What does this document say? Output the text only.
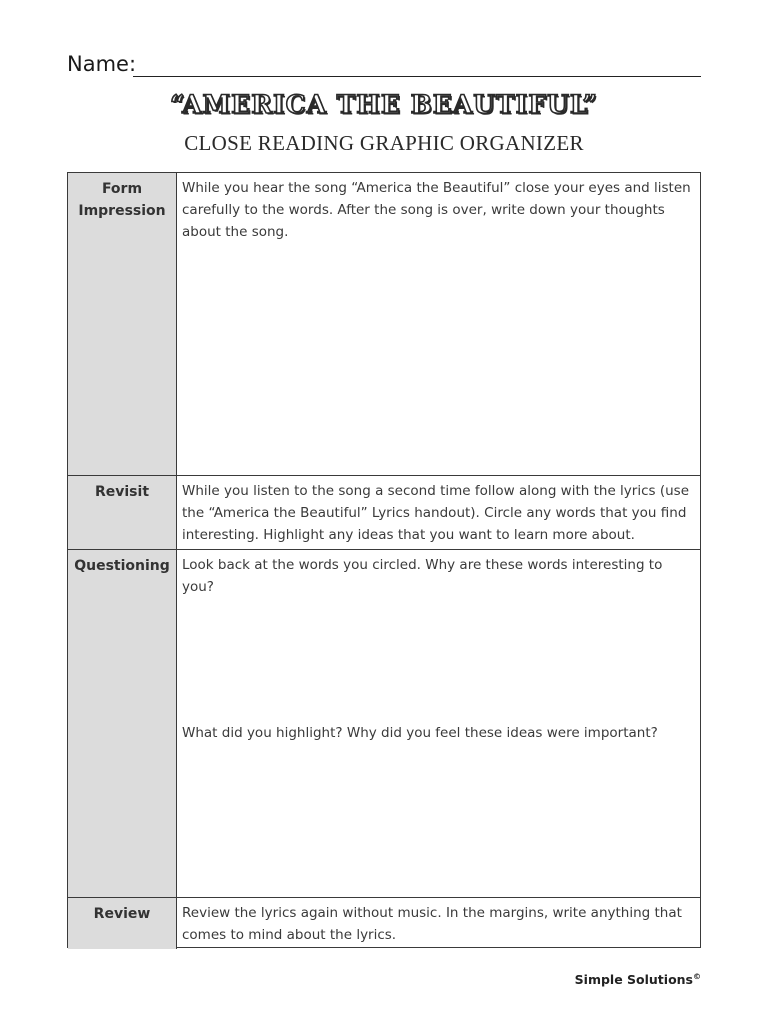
Name:
“AMERICA THE BEAUTIFUL”
CLOSE READING GRAPHIC ORGANIZER
Form
Impression

While you hear the song “America the Beautiful” close your eyes and listen carefully to the words. After the song is over, write down your thoughts about the song.

Revisit	While you listen to the song a second time follow along with the lyrics (use the “America the Beautiful” Lyrics handout). Circle any words that you find interesting. Highlight any ideas that you want to learn more about.

Questioning Look back at the words you circled. Why are these words interesting to you?

What did you highlight? Why did you feel these ideas were important?

Review	Review the lyrics again without music. In the margins, write anything that comes to mind about the lyrics.

Simple Solutions©
